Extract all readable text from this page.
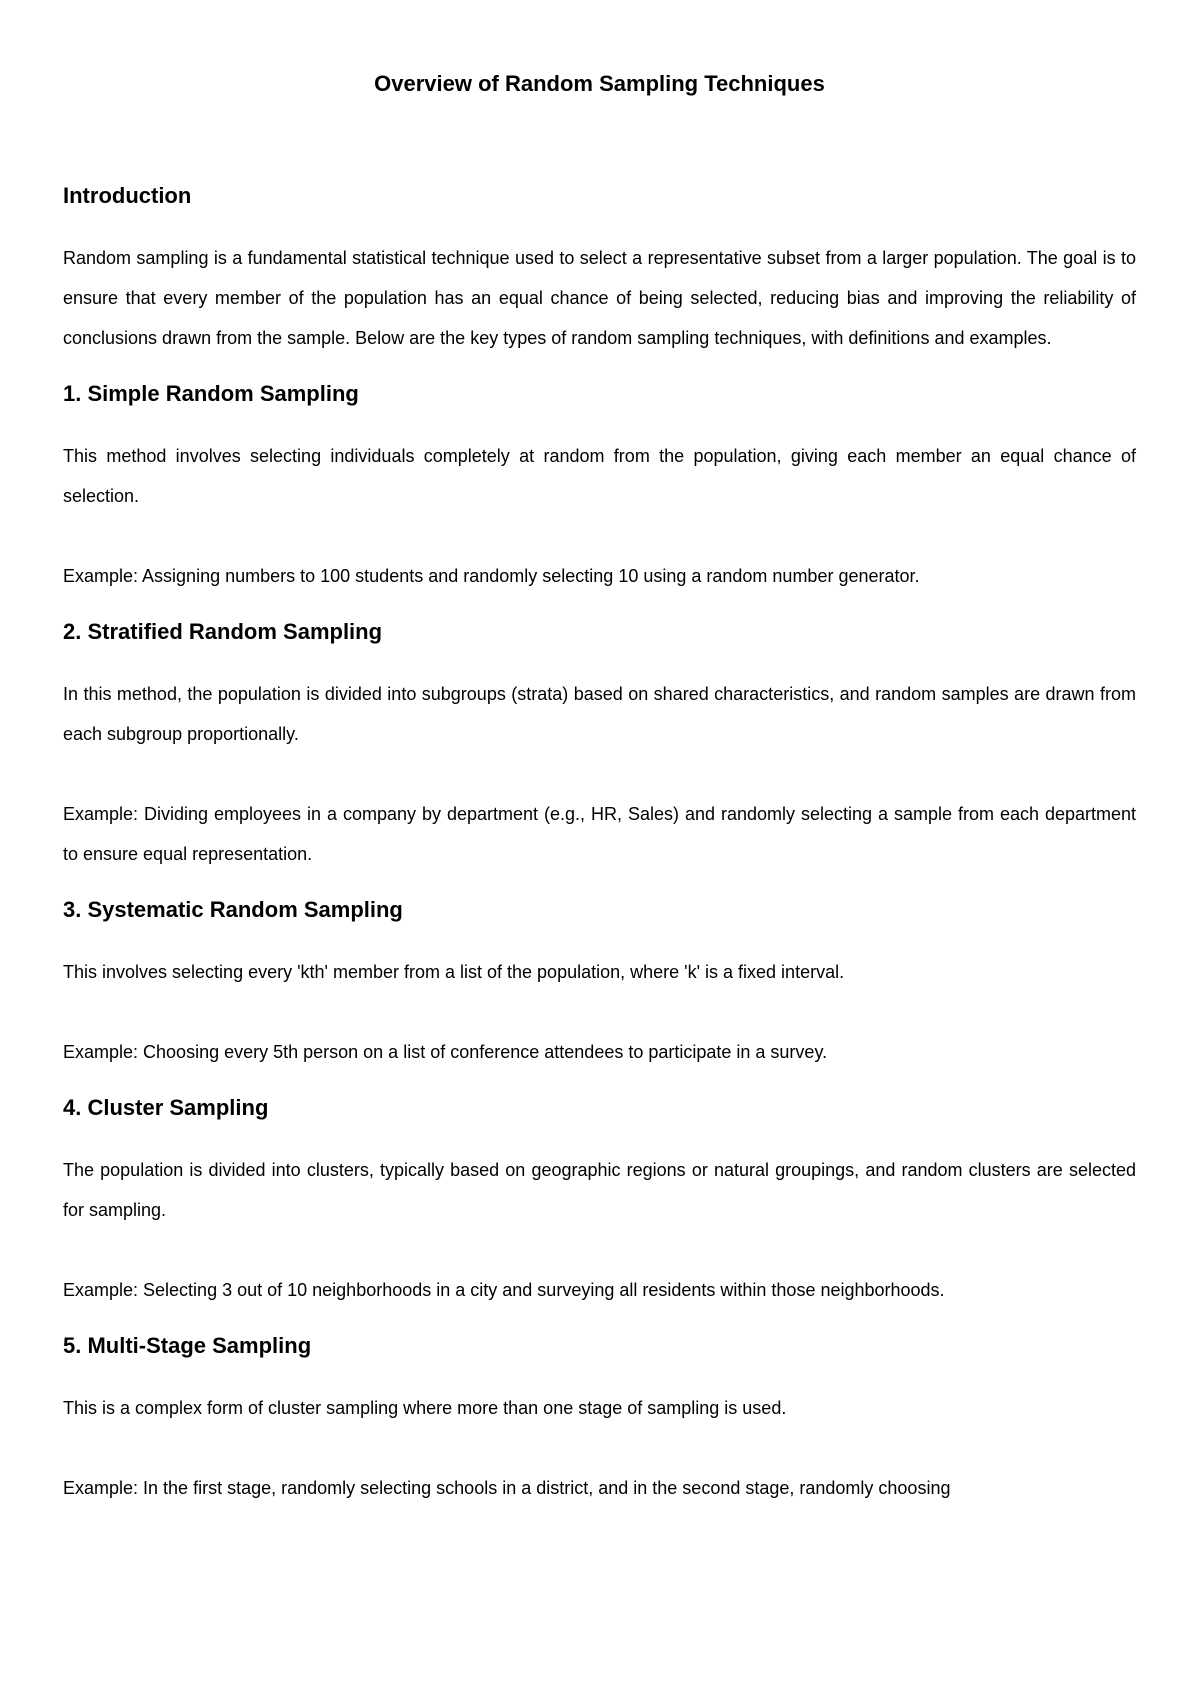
Overview of Random Sampling Techniques
Introduction

Random sampling is a fundamental statistical technique used to select a representative subset from a larger population. The goal is to ensure that every member of the population has an equal chance of being selected, reducing bias and improving the reliability of conclusions drawn from the sample. Below are the key types of random sampling techniques, with definitions and examples.

1. Simple Random Sampling

This method involves selecting individuals completely at random from the population, giving each member an equal chance of selection.

Example: Assigning numbers to 100 students and randomly selecting 10 using a random number generator.

2. Stratified Random Sampling

In this method, the population is divided into subgroups (strata) based on shared characteristics, and random samples are drawn from each subgroup proportionally.

Example: Dividing employees in a company by department (e.g., HR, Sales) and randomly selecting a sample from each department to ensure equal representation.

3. Systematic Random Sampling

This involves selecting every 'kth' member from a list of the population, where 'k' is a fixed interval.

Example: Choosing every 5th person on a list of conference attendees to participate in a survey.

4. Cluster Sampling

The population is divided into clusters, typically based on geographic regions or natural groupings, and random clusters are selected for sampling.

Example: Selecting 3 out of 10 neighborhoods in a city and surveying all residents within those neighborhoods.

5. Multi-Stage Sampling

This is a complex form of cluster sampling where more than one stage of sampling is used.

Example: In the first stage, randomly selecting schools in a district, and in the second stage, randomly choosing
